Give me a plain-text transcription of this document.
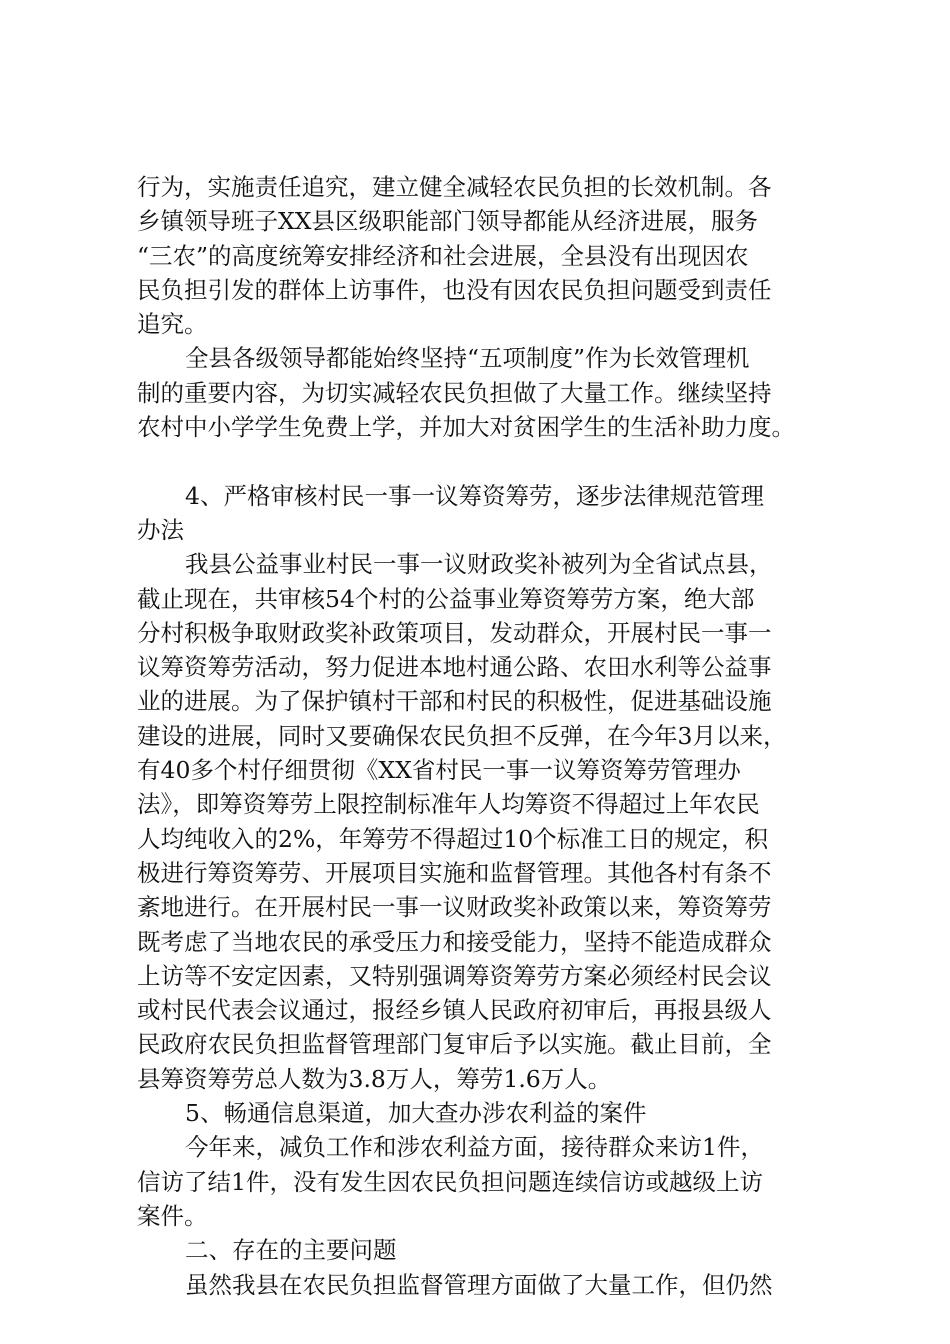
行为，实施责任追究，建立健全减轻农民负担的长效机制。各
乡镇领导班子XX县区级职能部门领导都能从经济进展，服务
“三农”的高度统筹安排经济和社会进展，全县没有出现因农
民负担引发的群体上访事件，也没有因农民负担问题受到责任
追究。
全县各级领导都能始终坚持“五项制度”作为长效管理机
制的重要内容，为切实减轻农民负担做了大量工作。继续坚持
农村中小学学生免费上学，并加大对贫困学生的生活补助力度。
4、严格审核村民一事一议筹资筹劳，逐步法律规范管理
办法
我县公益事业村民一事一议财政奖补被列为全省试点县，
截止现在，共审核54个村的公益事业筹资筹劳方案，绝大部
分村积极争取财政奖补政策项目，发动群众，开展村民一事一
议筹资筹劳活动，努力促进本地村通公路、农田水利等公益事
业的进展。为了保护镇村干部和村民的积极性，促进基础设施
建设的进展，同时又要确保农民负担不反弹，在今年3月以来，
有40多个村仔细贯彻《XX省村民一事一议筹资筹劳管理办
法》，即筹资筹劳上限控制标准年人均筹资不得超过上年农民
人均纯收入的2%，年筹劳不得超过10个标准工日的规定，积
极进行筹资筹劳、开展项目实施和监督管理。其他各村有条不
紊地进行。在开展村民一事一议财政奖补政策以来，筹资筹劳
既考虑了当地农民的承受压力和接受能力，坚持不能造成群众
上访等不安定因素，又特别强调筹资筹劳方案必须经村民会议
或村民代表会议通过，报经乡镇人民政府初审后，再报县级人
民政府农民负担监督管理部门复审后予以实施。截止目前，全
县筹资筹劳总人数为3.8万人，筹劳1.6万人。
5、畅通信息渠道，加大查办涉农利益的案件
今年来，减负工作和涉农利益方面，接待群众来访1件，
信访了结1件，没有发生因农民负担问题连续信访或越级上访
案件。
二、存在的主要问题
虽然我县在农民负担监督管理方面做了大量工作，但仍然
